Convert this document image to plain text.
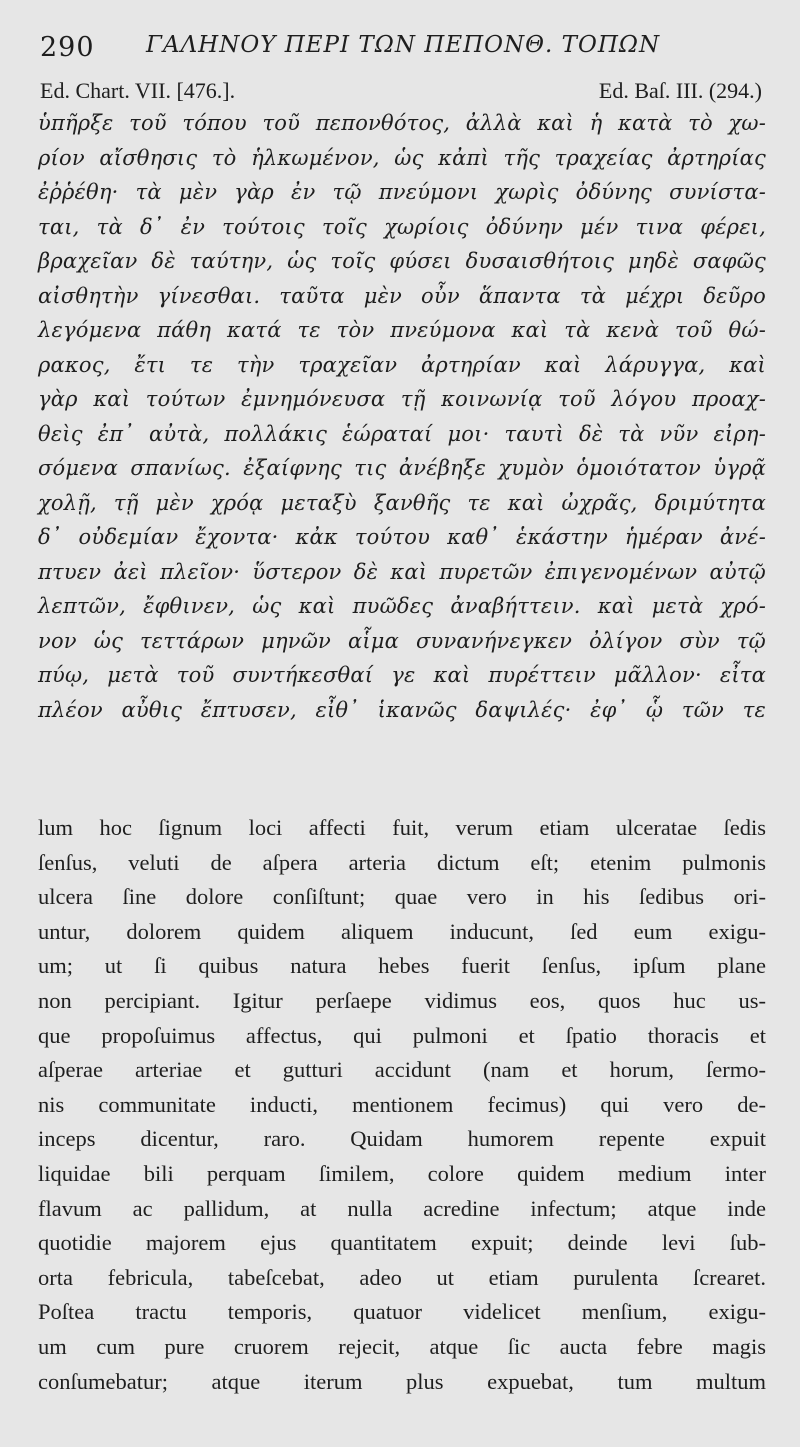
290 ΓΑΛΗΝΟΥ ΠΕΡΙ ΤΩΝ ΠΕΠΟΝΘ. ΤΟΠΩΝ
Ed. Chart. VII. [476.].	Ed. Baſ. III. (294.)
ὑπῆρξε τοῦ τόπου τοῦ πεπονθότος, ἀλλὰ καὶ ἡ κατὰ τὸ χω-
ρίον αἴσθησις τὸ ἡλκωμένον, ὡς κἀπὶ τῆς τραχείας ἀρτηρίας
ἐῤῥέθη· τὰ μὲν γὰρ ἐν τῷ πνεύμονι χωρὶς ὀδύνης συνίστα-
ται, τὰ δ᾽ ἐν τούτοις τοῖς χωρίοις ὀδύνην μέν τινα φέρει,
βραχεῖαν δὲ ταύτην, ὡς τοῖς φύσει δυσαισθήτοις μηδὲ σαφῶς
αἰσθητὴν γίνεσθαι. ταῦτα μὲν οὖν ἅπαντα τὰ μέχρι δεῦρο
λεγόμενα πάθη κατά τε τὸν πνεύμονα καὶ τὰ κενὰ τοῦ θώ-
ρακος, ἔτι τε τὴν τραχεῖαν ἀρτηρίαν καὶ λάρυγγα, καὶ
γὰρ καὶ τούτων ἐμνημόνευσα τῇ κοινωνίᾳ τοῦ λόγου προαχ-
θεὶς ἐπ᾽ αὐτὰ, πολλάκις ἑώραταί μοι· ταυτὶ δὲ τὰ νῦν εἰρη-
σόμενα σπανίως. ἐξαίφνης τις ἀνέβηξε χυμὸν ὁμοιότατον ὑγρᾷ
χολῇ, τῇ μὲν χρόᾳ μεταξὺ ξανθῆς τε καὶ ὠχρᾶς, δριμύτητα
δ᾽ οὐδεμίαν ἔχοντα· κἀκ τούτου καθ᾽ ἑκάστην ἡμέραν ἀνέ-
πτυεν ἀεὶ πλεῖον· ὕστερον δὲ καὶ πυρετῶν ἐπιγενομένων αὐτῷ
λεπτῶν, ἔφθινεν, ὡς καὶ πυῶδες ἀναβήττειν. καὶ μετὰ χρό-
νον ὡς τεττάρων μηνῶν αἷμα συνανήνεγκεν ὀλίγον σὺν τῷ
πύῳ, μετὰ τοῦ συντήκεσθαί γε καὶ πυρέττειν μᾶλλον· εἶτα
πλέον αὖθις ἔπτυσεν, εἶθ᾽ ἱκανῶς δαψιλές· ἐφ᾽ ᾧ τῶν τε
lum hoc ſignum loci affecti fuit, verum etiam ulceratae ſedis
ſenſus, veluti de aſpera arteria dictum eſt; etenim pulmonis
ulcera ſine dolore conſiſtunt; quae vero in his ſedibus ori-
untur, dolorem quidem aliquem inducunt, ſed eum exigu-
um; ut ſi quibus natura hebes fuerit ſenſus, ipſum plane
non percipiant. Igitur perſaepe vidimus eos, quos huc us-
que propoſuimus affectus, qui pulmoni et ſpatio thoracis et
aſperae arteriae et gutturi accidunt (nam et horum, ſermo-
nis communitate inducti, mentionem fecimus) qui vero de-
inceps dicentur, raro. Quidam humorem repente expuit
liquidae bili perquam ſimilem, colore quidem medium inter
flavum ac pallidum, at nulla acredine infectum; atque inde
quotidie majorem ejus quantitatem expuit; deinde levi ſub-
orta febricula, tabeſcebat, adeo ut etiam purulenta ſcrearet.
Poſtea tractu temporis, quatuor videlicet menſium, exigu-
um cum pure cruorem rejecit, atque ſic aucta febre magis
conſumebatur; atque iterum plus expuebat, tum multum
